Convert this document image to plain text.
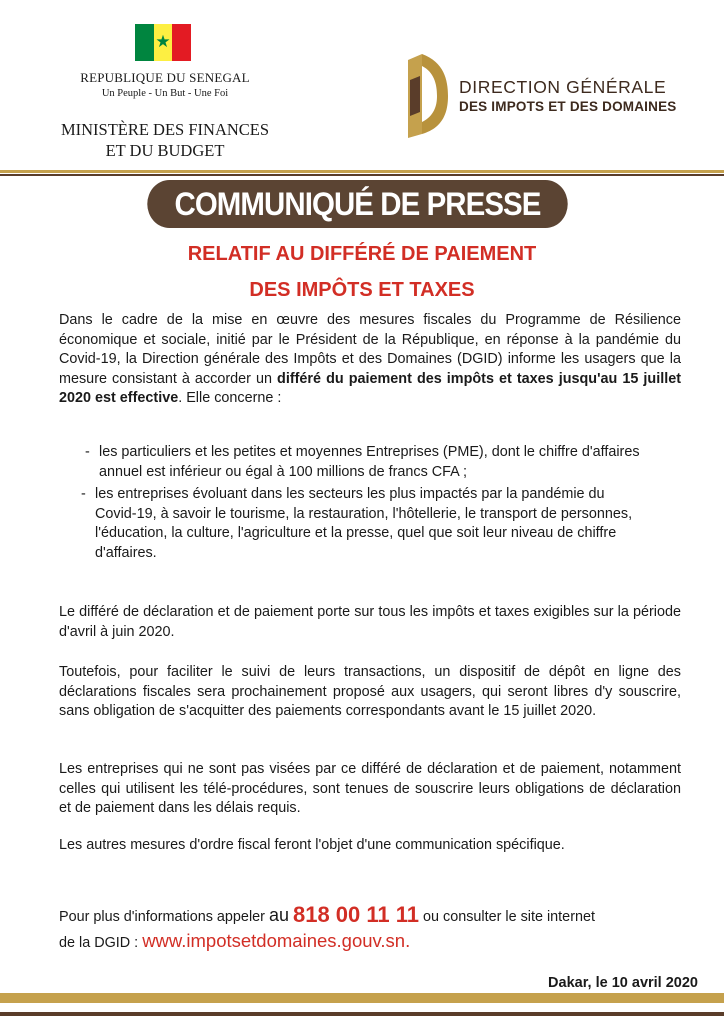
★
REPUBLIQUE DU SENEGAL
Un Peuple - Un But - Une Foi
MINISTÈRE DES FINANCES
ET DU BUDGET
DIRECTION GÉNÉRALE
DES IMPOTS ET DES DOMAINES
COMMUNIQUÉ DE PRESSE
RELATIF AU DIFFÉRÉ DE PAIEMENT
DES IMPÔTS ET TAXES
Dans le cadre de la mise en œuvre des mesures fiscales du Programme de Résilience économique et sociale, initié par le Président de la République, en réponse à la pandémie du Covid-19, la Direction générale des Impôts et des Domaines (DGID) informe les usagers que la mesure consistant à accorder un différé du paiement des impôts et taxes jusqu'au 15 juillet 2020 est effective. Elle concerne :
- les particuliers et les petites et moyennes Entreprises (PME), dont le chiffre d'affaires annuel est inférieur ou égal à 100 millions de francs CFA ;
- les entreprises évoluant dans les secteurs les plus impactés par la pandémie du Covid-19, à savoir le tourisme, la restauration, l'hôtellerie, le transport de personnes, l'éducation, la culture, l'agriculture et la presse, quel que soit leur niveau de chiffre d'affaires.
Le différé de déclaration et de paiement porte sur tous les impôts et taxes exigibles sur la période d'avril à juin 2020.
Toutefois, pour faciliter le suivi de leurs transactions, un dispositif de dépôt en ligne des déclarations fiscales sera prochainement proposé aux usagers, qui seront libres d'y souscrire, sans obligation de s'acquitter des paiements correspondants avant le 15 juillet 2020.
Les entreprises qui ne sont pas visées par ce différé de déclaration et de paiement, notamment celles qui utilisent les télé-procédures, sont tenues de souscrire leurs obligations de déclaration et de paiement dans les délais requis.
Les autres mesures d'ordre fiscal feront l'objet d'une communication spécifique.
Pour plus d'informations appeler au 818 00 11 11 ou consulter le site internet
de la DGID : www.impotsetdomaines.gouv.sn.
Dakar, le 10 avril 2020
